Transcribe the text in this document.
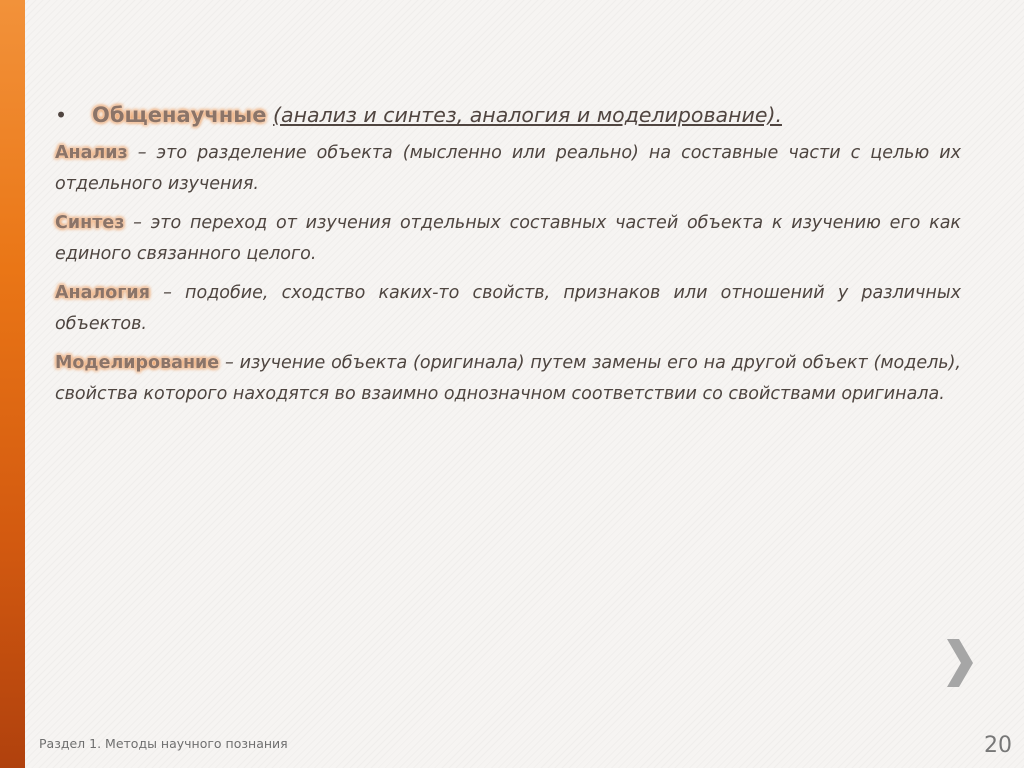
• Общенаучные (анализ и синтез, аналогия и моделирование).

Анализ – это разделение объекта (мысленно или реально) на составные части с целью их отдельного изучения.

Синтез – это переход от изучения отдельных составных частей объекта к изучению его как единого связанного целого.

Аналогия – подобие, сходство каких-то свойств, признаков или отношений у различных объектов.

Моделирование – изучение объекта (оригинала) путем замены его на другой объект (модель), свойства которого находятся во взаимно однозначном соответствии со свойствами оригинала.

Раздел 1. Методы научного познания	20
